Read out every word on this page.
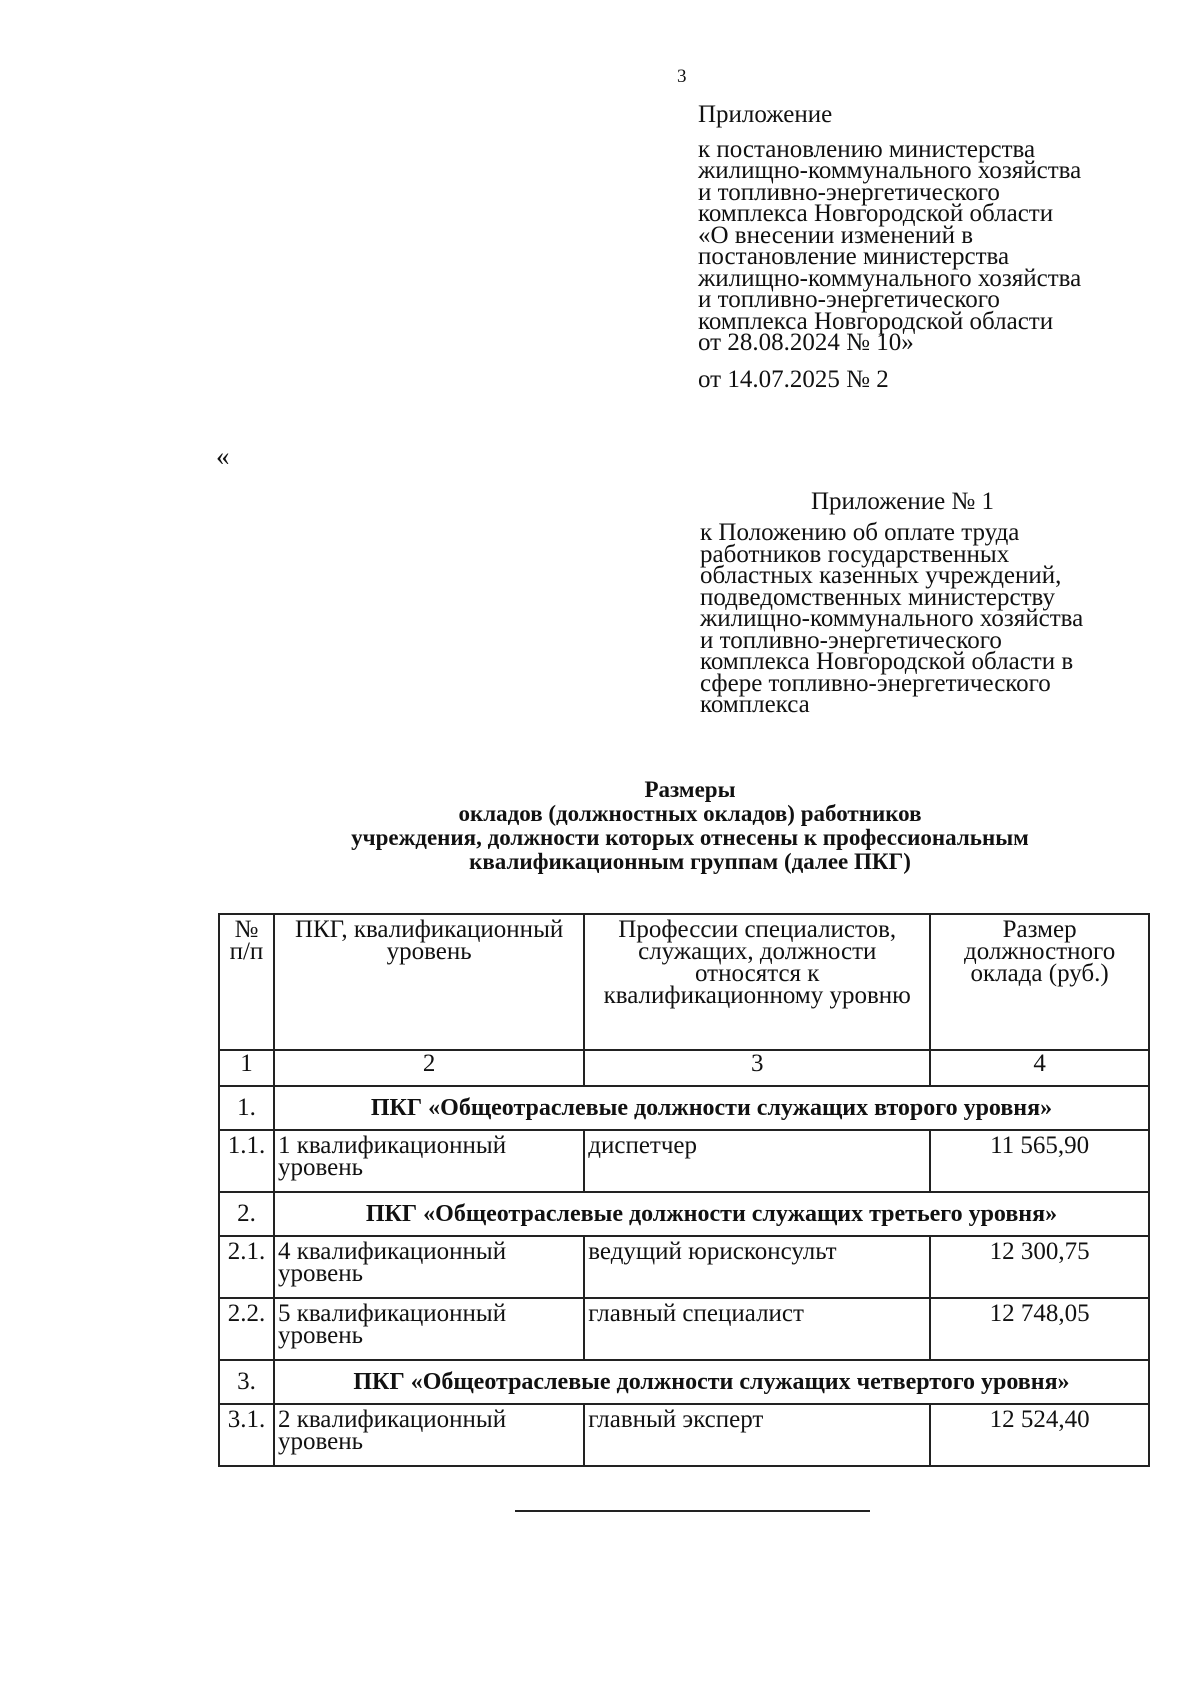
3
Приложение
к постановлению министерства
жилищно-коммунального хозяйства
и топливно-энергетического
комплекса Новгородской области
«О внесении изменений в
постановление министерства
жилищно-коммунального хозяйства
и топливно-энергетического
комплекса Новгородской области
от 28.08.2024 № 10»
от 14.07.2025 № 2
«
Приложение № 1
к Положению об оплате труда
работников государственных
областных казенных учреждений,
подведомственных министерству
жилищно-коммунального хозяйства
и топливно-энергетического
комплекса Новгородской области в
сфере топливно-энергетического
комплекса
Размеры
окладов (должностных окладов) работников
учреждения, должности которых отнесены к профессиональным
квалификационным группам (далее ПКГ)
№ п/п	ПКГ, квалификационный уровень	Профессии специалистов, служащих, должности относятся к квалификационному уровню	Размер должностного оклада (руб.)
1	2	3	4
1.	ПКГ «Общеотраслевые должности служащих второго уровня»		
1.1.	1 квалификационный уровень	диспетчер	11 565,90
2.	ПКГ «Общеотраслевые должности служащих третьего уровня»		
2.1.	4 квалификационный уровень	ведущий юрисконсульт	12 300,75
2.2.	5 квалификационный уровень	главный специалист	12 748,05
3.	ПКГ «Общеотраслевые должности служащих четвертого уровня»		
3.1.	2 квалификационный уровень	главный эксперт	12 524,40
